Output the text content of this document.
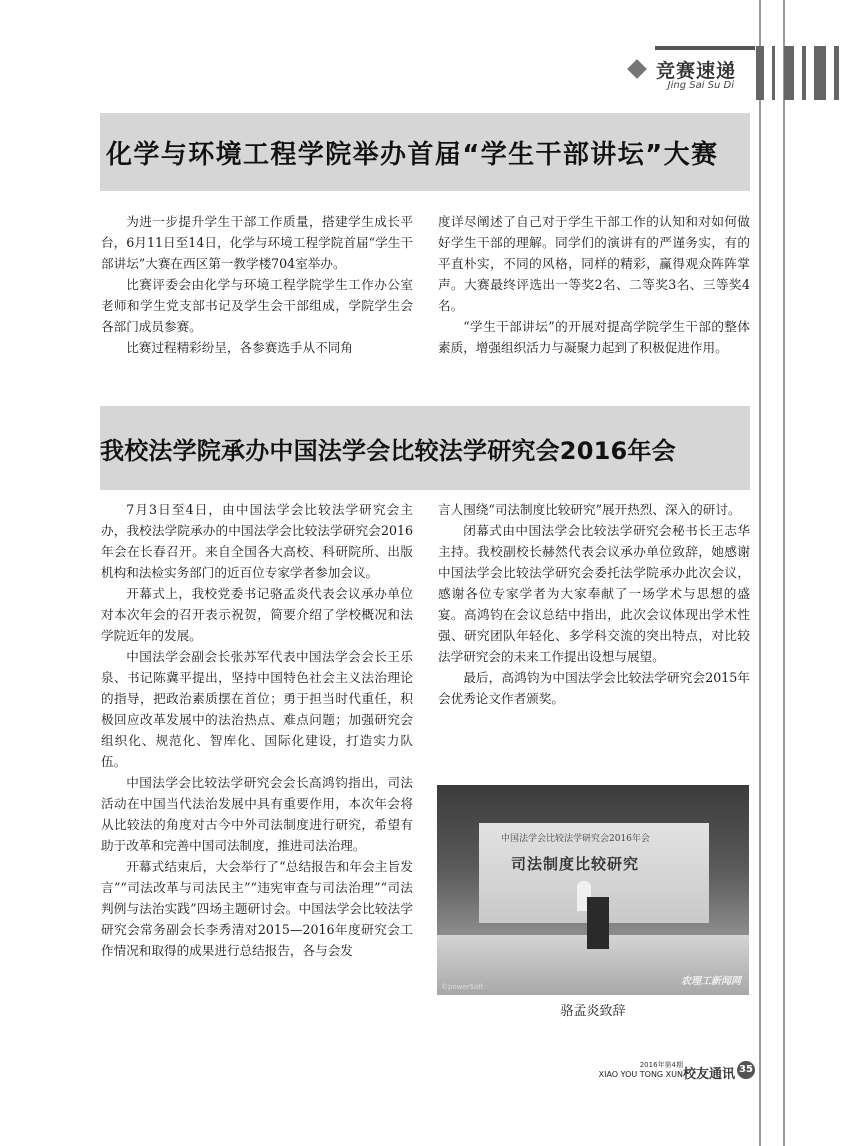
竞赛速递
Jing Sai Su Di
化学与环境工程学院举办首届“学生干部讲坛”大赛

为进一步提升学生干部工作质量，搭建学生成长平台，6月11日至14日，化学与环境工程学院首届“学生干部讲坛”大赛在西区第一教学楼704室举办。

比赛评委会由化学与环境工程学院学生工作办公室老师和学生党支部书记及学生会干部组成，学院学生会各部门成员参赛。

比赛过程精彩纷呈，各参赛选手从不同角

度详尽阐述了自己对于学生干部工作的认知和对如何做好学生干部的理解。同学们的演讲有的严谨务实，有的平直朴实，不同的风格，同样的精彩，赢得观众阵阵掌声。大赛最终评选出一等奖2名、二等奖3名、三等奖4名。

“学生干部讲坛”的开展对提高学院学生干部的整体素质，增强组织活力与凝聚力起到了积极促进作用。

我校法学院承办中国法学会比较法学研究会2016年会

7月3日至4日，由中国法学会比较法学研究会主办，我校法学院承办的中国法学会比较法学研究会2016年会在长春召开。来自全国各大高校、科研院所、出版机构和法检实务部门的近百位专家学者参加会议。

开幕式上，我校党委书记骆孟炎代表会议承办单位对本次年会的召开表示祝贺，简要介绍了学校概况和法学院近年的发展。

中国法学会副会长张苏军代表中国法学会会长王乐泉、书记陈冀平提出，坚持中国特色社会主义法治理论的指导，把政治素质摆在首位；勇于担当时代重任，积极回应改革发展中的法治热点、难点问题；加强研究会组织化、规范化、智库化、国际化建设，打造实力队伍。

中国法学会比较法学研究会会长高鸿钧指出，司法活动在中国当代法治发展中具有重要作用，本次年会将从比较法的角度对古今中外司法制度进行研究，希望有助于改革和完善中国司法制度，推进司法治理。

开幕式结束后，大会举行了“总结报告和年会主旨发言”“司法改革与司法民主”“违宪审查与司法治理”“司法判例与法治实践”四场主题研讨会。中国法学会比较法学研究会常务副会长李秀清对2015—2016年度研究会工作情况和取得的成果进行总结报告，各与会发

言人围绕“司法制度比较研究”展开热烈、深入的研讨。

闭幕式由中国法学会比较法学研究会秘书长王志华主持。我校副校长赫然代表会议承办单位致辞，她感谢中国法学会比较法学研究会委托法学院承办此次会议，感谢各位专家学者为大家奉献了一场学术与思想的盛宴。高鸿钧在会议总结中指出，此次会议体现出学术性强、研究团队年轻化、多学科交流的突出特点，对比较法学研究会的未来工作提出设想与展望。

最后，高鸿钧为中国法学会比较法学研究会2015年会优秀论文作者颁奖。

中国法学会比较法学研究会2016年会
司法制度比较研究
©powerSoft	农理工新闻网
骆孟炎致辞
2016年第4期
XIAO YOU TONG XUN 校友通讯 35
